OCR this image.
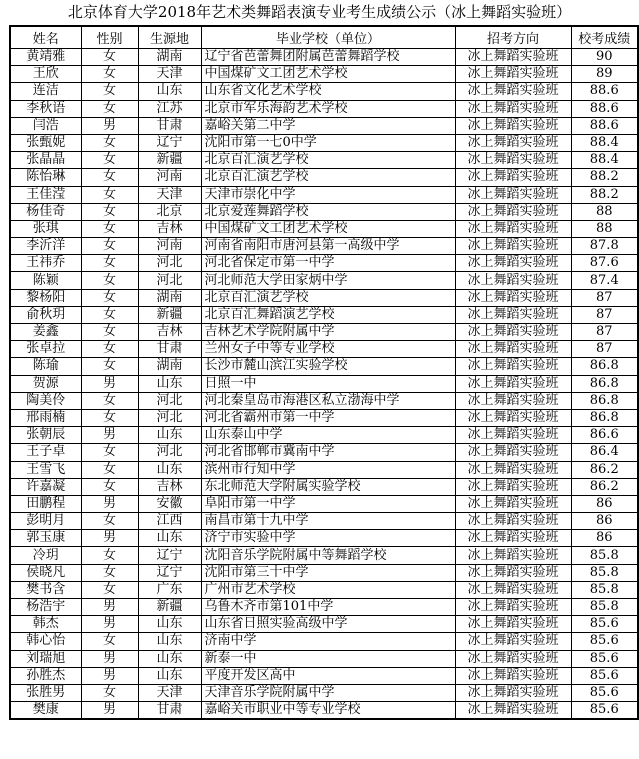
北京体育大学2018年艺术类舞蹈表演专业考生成绩公示（冰上舞蹈实验班）
姓名	性别	生源地	毕业学校（单位）	招考方向	校考成绩
黄靖雅	女	湖南	辽宁省芭蕾舞团附属芭蕾舞蹈学校	冰上舞蹈实验班	90
王欣	女	天津	中国煤矿文工团艺术学校	冰上舞蹈实验班	89
连洁	女	山东	山东省文化艺术学校	冰上舞蹈实验班	88.6
李秋语	女	江苏	北京市军乐海韵艺术学校	冰上舞蹈实验班	88.6
闫浩	男	甘肃	嘉峪关第二中学	冰上舞蹈实验班	88.6
张甄妮	女	辽宁	沈阳市第一七0中学	冰上舞蹈实验班	88.4
张晶晶	女	新疆	北京百汇演艺学校	冰上舞蹈实验班	88.4
陈怡琳	女	河南	北京百汇演艺学校	冰上舞蹈实验班	88.2
王佳滢	女	天津	天津市崇化中学	冰上舞蹈实验班	88.2
杨佳奇	女	北京	北京爱莲舞蹈学校	冰上舞蹈实验班	88
张琪	女	吉林	中国煤矿文工团艺术学校	冰上舞蹈实验班	88
李沂洋	女	河南	河南省南阳市唐河县第一高级中学	冰上舞蹈实验班	87.8
王祎乔	女	河北	河北省保定市第一中学	冰上舞蹈实验班	87.6
陈颖	女	河北	河北师范大学田家炳中学	冰上舞蹈实验班	87.4
黎杨阳	女	湖南	北京百汇演艺学校	冰上舞蹈实验班	87
俞秋玥	女	新疆	北京百汇舞蹈演艺学校	冰上舞蹈实验班	87
姜鑫	女	吉林	吉林艺术学院附属中学	冰上舞蹈实验班	87
张卓拉	女	甘肃	兰州女子中等专业学校	冰上舞蹈实验班	87
陈瑜	女	湖南	长沙市麓山滨江实验学校	冰上舞蹈实验班	86.8
贺源	男	山东	日照一中	冰上舞蹈实验班	86.8
陶美伶	女	河北	河北秦皇岛市海港区私立渤海中学	冰上舞蹈实验班	86.8
邢雨楠	女	河北	河北省霸州市第一中学	冰上舞蹈实验班	86.8
张朝辰	男	山东	山东泰山中学	冰上舞蹈实验班	86.6
王子卓	女	河北	河北省邯郸市冀南中学	冰上舞蹈实验班	86.4
王雪飞	女	山东	滨州市行知中学	冰上舞蹈实验班	86.2
许嘉凝	女	吉林	东北师范大学附属实验学校	冰上舞蹈实验班	86.2
田鹏程	男	安徽	阜阳市第一中学	冰上舞蹈实验班	86
彭明月	女	江西	南昌市第十九中学	冰上舞蹈实验班	86
郭玉康	男	山东	济宁市实验中学	冰上舞蹈实验班	86
冷玥	女	辽宁	沈阳音乐学院附属中等舞蹈学校	冰上舞蹈实验班	85.8
侯晓凡	女	辽宁	沈阳市第三十中学	冰上舞蹈实验班	85.8
樊书含	女	广东	广州市艺术学校	冰上舞蹈实验班	85.8
杨浩宇	男	新疆	乌鲁木齐市第101中学	冰上舞蹈实验班	85.8
韩杰	男	山东	山东省日照实验高级中学	冰上舞蹈实验班	85.6
韩心怡	女	山东	济南中学	冰上舞蹈实验班	85.6
刘瑞旭	男	山东	新泰一中	冰上舞蹈实验班	85.6
孙胜杰	男	山东	平度开发区高中	冰上舞蹈实验班	85.6
张胜男	女	天津	天津音乐学院附属中学	冰上舞蹈实验班	85.6
樊康	男	甘肃	嘉峪关市职业中等专业学校	冰上舞蹈实验班	85.6
